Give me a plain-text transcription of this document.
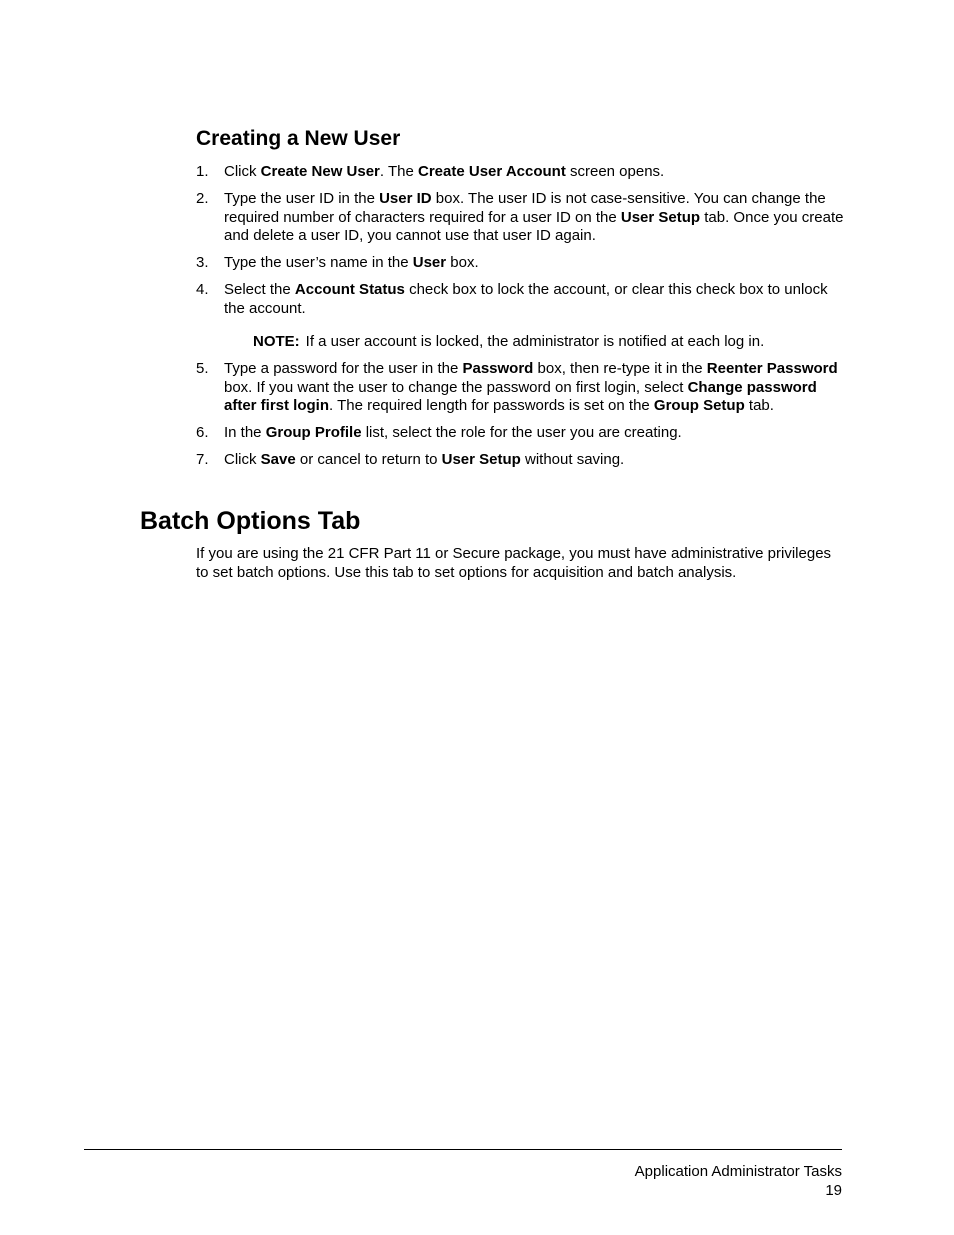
Creating a New User
1. Click Create New User. The Create User Account screen opens.
2. Type the user ID in the User ID box. The user ID is not case-sensitive. You can change the required number of characters required for a user ID on the User Setup tab. Once you create and delete a user ID, you cannot use that user ID again.
3. Type the user’s name in the User box.
4. Select the Account Status check box to lock the account, or clear this check box to unlock the account.
NOTE: If a user account is locked, the administrator is notified at each log in.
5. Type a password for the user in the Password box, then re-type it in the Reenter Password box. If you want the user to change the password on first login, select Change password after first login. The required length for passwords is set on the Group Setup tab.
6. In the Group Profile list, select the role for the user you are creating.
7. Click Save or cancel to return to User Setup without saving.
Batch Options Tab

If you are using the 21 CFR Part 11 or Secure package, you must have administrative privileges to set batch options. Use this tab to set options for acquisition and batch analysis.

Application Administrator Tasks
19
